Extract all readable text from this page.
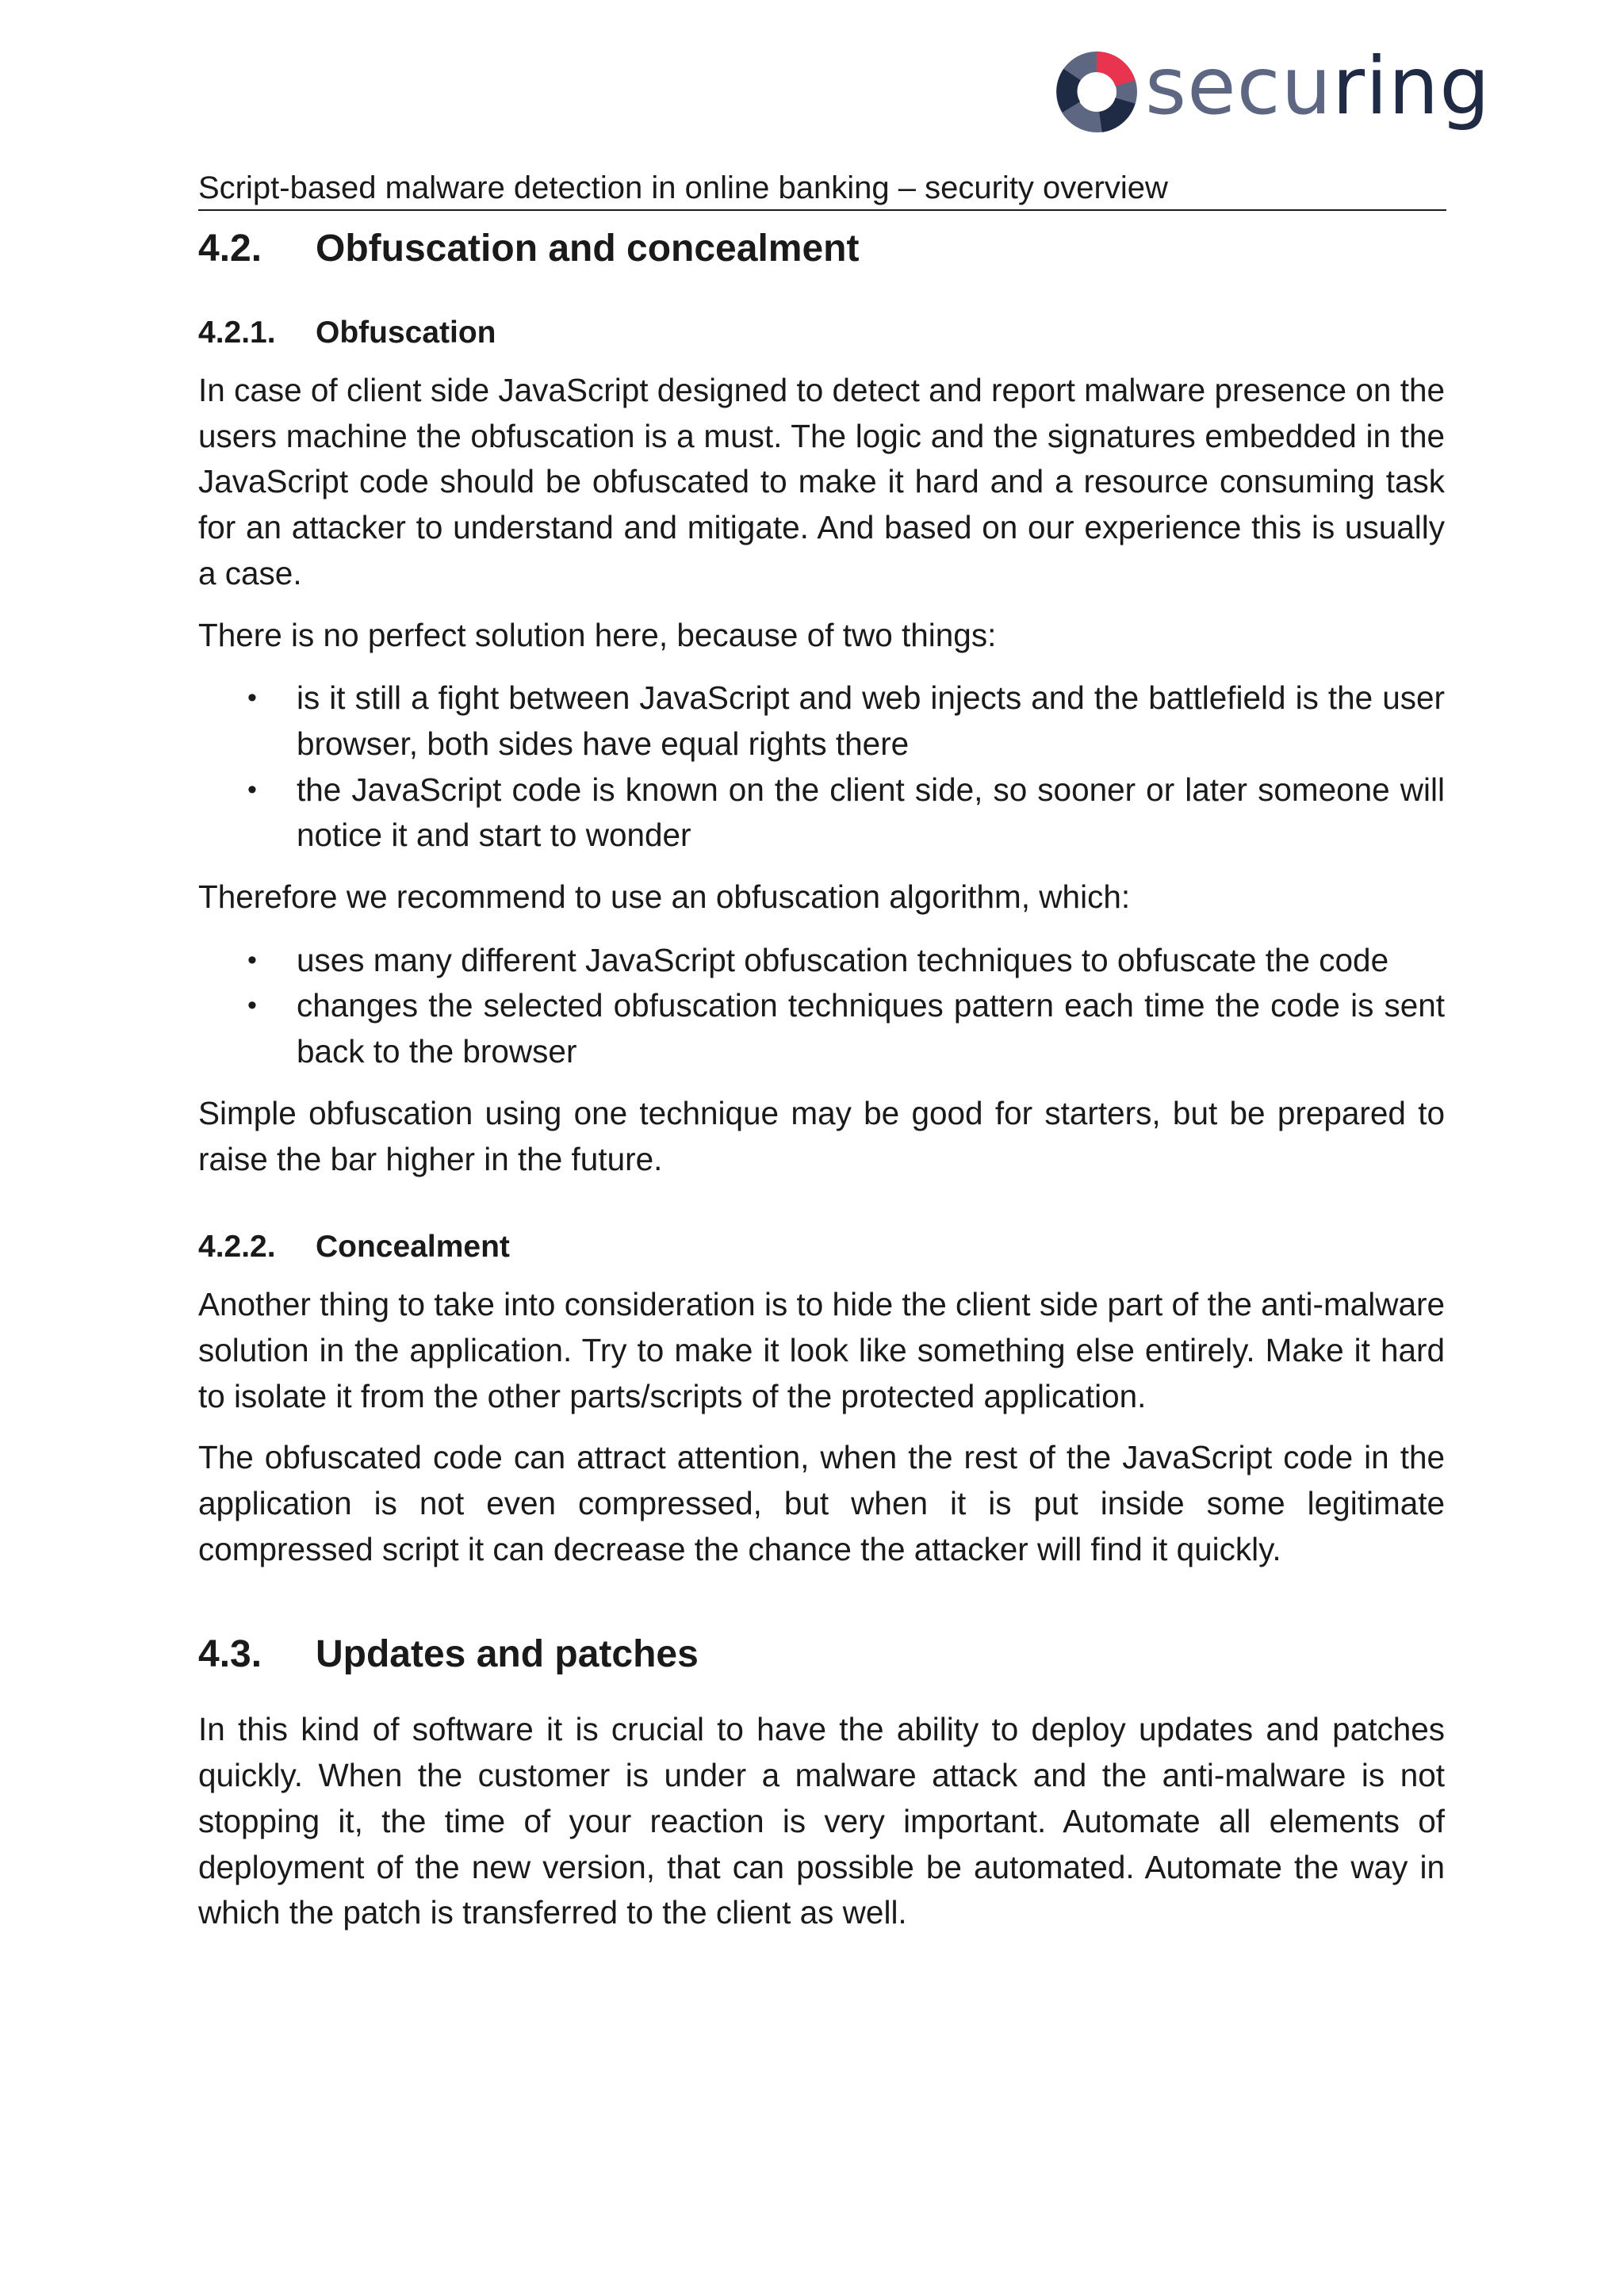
securing
Script-based malware detection in online banking – security overview
4.2.	Obfuscation and concealment
4.2.1.	Obfuscation

In case of client side JavaScript designed to detect and report malware presence on the users machine the obfuscation is a must. The logic and the signatures embedded in the JavaScript code should be obfuscated to make it hard and a resource consuming task for an attacker to understand and mitigate. And based on our experience this is usually a case.

There is no perfect solution here, because of two things:

• is it still a fight between JavaScript and web injects and the battlefield is the user browser, both sides have equal rights there
• the JavaScript code is known on the client side, so sooner or later someone will notice it and start to wonder

Therefore we recommend to use an obfuscation algorithm, which:

• uses many different JavaScript obfuscation techniques to obfuscate the code
• changes the selected obfuscation techniques pattern each time the code is sent back to the browser

Simple obfuscation using one technique may be good for starters, but be prepared to raise the bar higher in the future.

4.2.2.	Concealment

Another thing to take into consideration is to hide the client side part of the anti-malware solution in the application. Try to make it look like something else entirely. Make it hard to isolate it from the other parts/scripts of the protected application.

The obfuscated code can attract attention, when the rest of the JavaScript code in the application is not even compressed, but when it is put inside some legitimate compressed script it can decrease the chance the attacker will find it quickly.

4.3.	Updates and patches

In this kind of software it is crucial to have the ability to deploy updates and patches quickly. When the customer is under a malware attack and the anti-malware is not stopping it, the time of your reaction is very important. Automate all elements of deployment of the new version, that can possible be automated. Automate the way in which the patch is transferred to the client as well.
